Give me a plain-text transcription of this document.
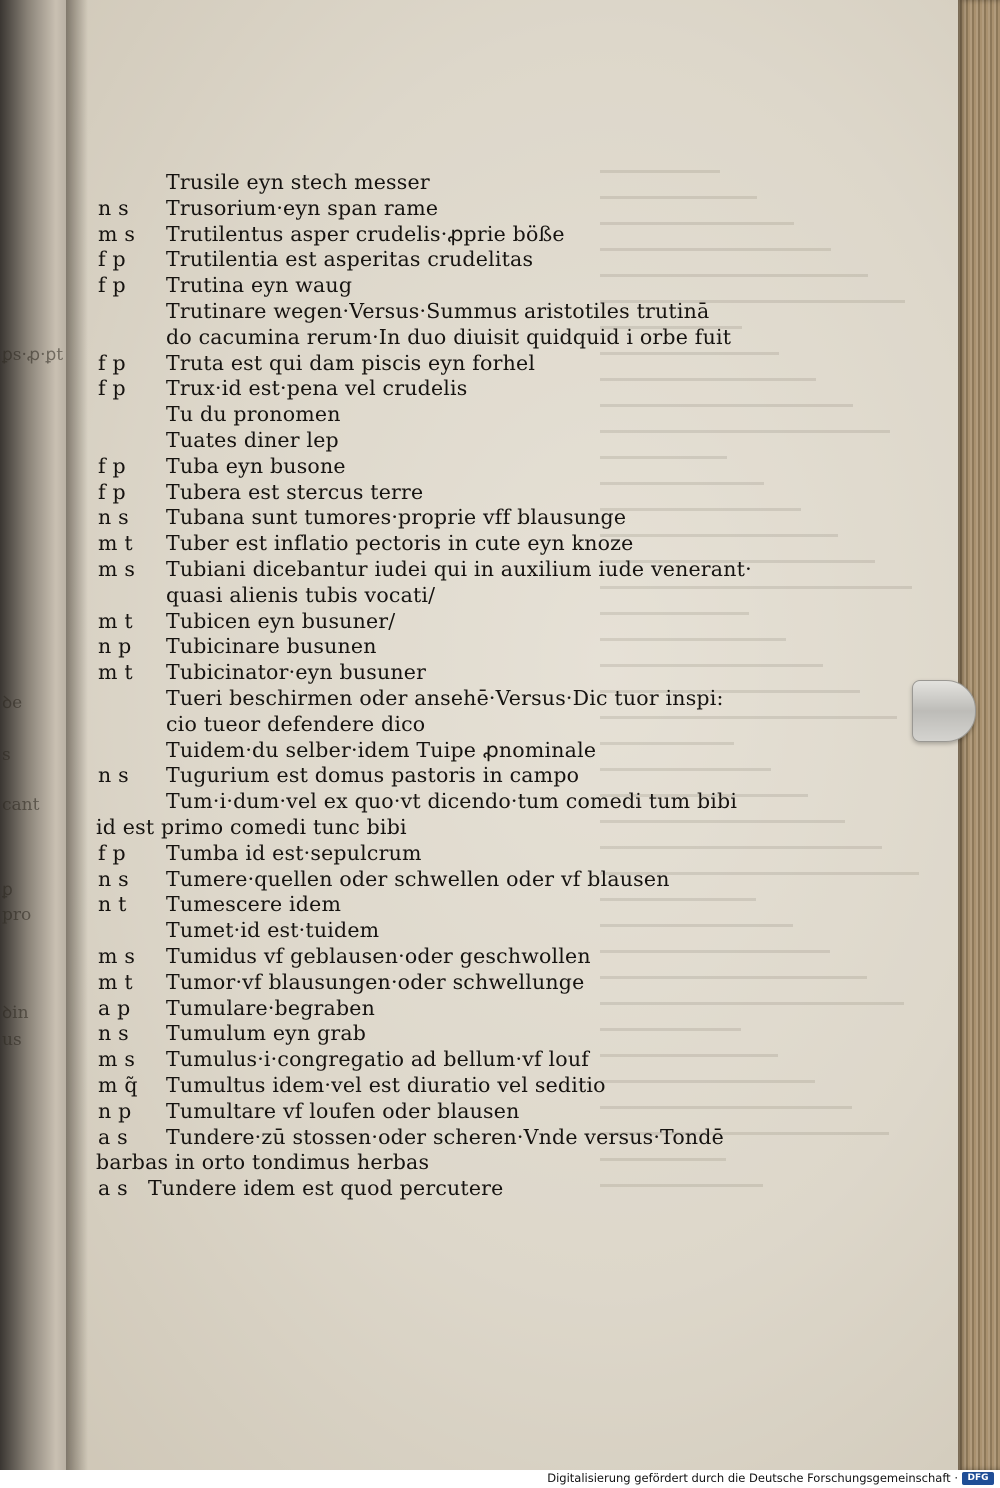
ꝑs·ꝓ·ꝑt
ꝺe
s
cant
ꝑ
pro
ꝺin
us
Trusile eyn stech messer
n s	Trusorium·eyn span rame
m s	Trutilentus asper crudelis·ꝓprie böße
f p	Trutilentia est asperitas crudelitas
f p	Trutina eyn waug
Trutinare wegen·Versus·Summus aristotiles trutinā
do cacumina rerum·In duo diuisit quidquid i orbe fuit
f p	Truta est qui dam piscis eyn forhel
f p	Trux·id est·pena vel crudelis
Tu du pronomen
Tuates diner lep
f p	Tuba eyn busone
f p	Tubera est stercus terre
n s	Tubana sunt tumores·proprie vff blausunge
m t	Tuber est inflatio pectoris in cute eyn knoze
m s	Tubiani dicebantur iudei qui in auxilium iude venerant·
quasi alienis tubis vocati/
m t	Tubicen eyn busuner/
n p	Tubicinare busunen
m t	Tubicinator·eyn busuner
Tueri beschirmen oder ansehē·Versus·Dic tuor inspi:
cio tueor defendere dico
Tuidem·du selber·idem Tuipe ꝓnominale
n s	Tugurium est domus pastoris in campo
Tum·i·dum·vel ex quo·vt dicendo·tum comedi tum bibi
id est primo comedi tunc bibi
f p	Tumba id est·sepulcrum
n s	Tumere·quellen oder schwellen oder vf blausen
n t	Tumescere idem
Tumet·id est·tuidem
m s	Tumidus vf geblausen·oder geschwollen
m t	Tumor·vf blausungen·oder schwellunge
a p	Tumulare·begraben
n s	Tumulum eyn grab
m s	Tumulus·i·congregatio ad bellum·vf louf
m q̃	Tumultus idem·vel est diuratio vel seditio
n p	Tumultare vf loufen oder blausen
a s	Tundere·zū stossen·oder scheren·Vnde versus·Tondē
barbas in orto tondimus herbas
a s Tundere idem est quod percutere
Digitalisierung gefördert durch die Deutsche Forschungsgemeinschaft ·	DFG
